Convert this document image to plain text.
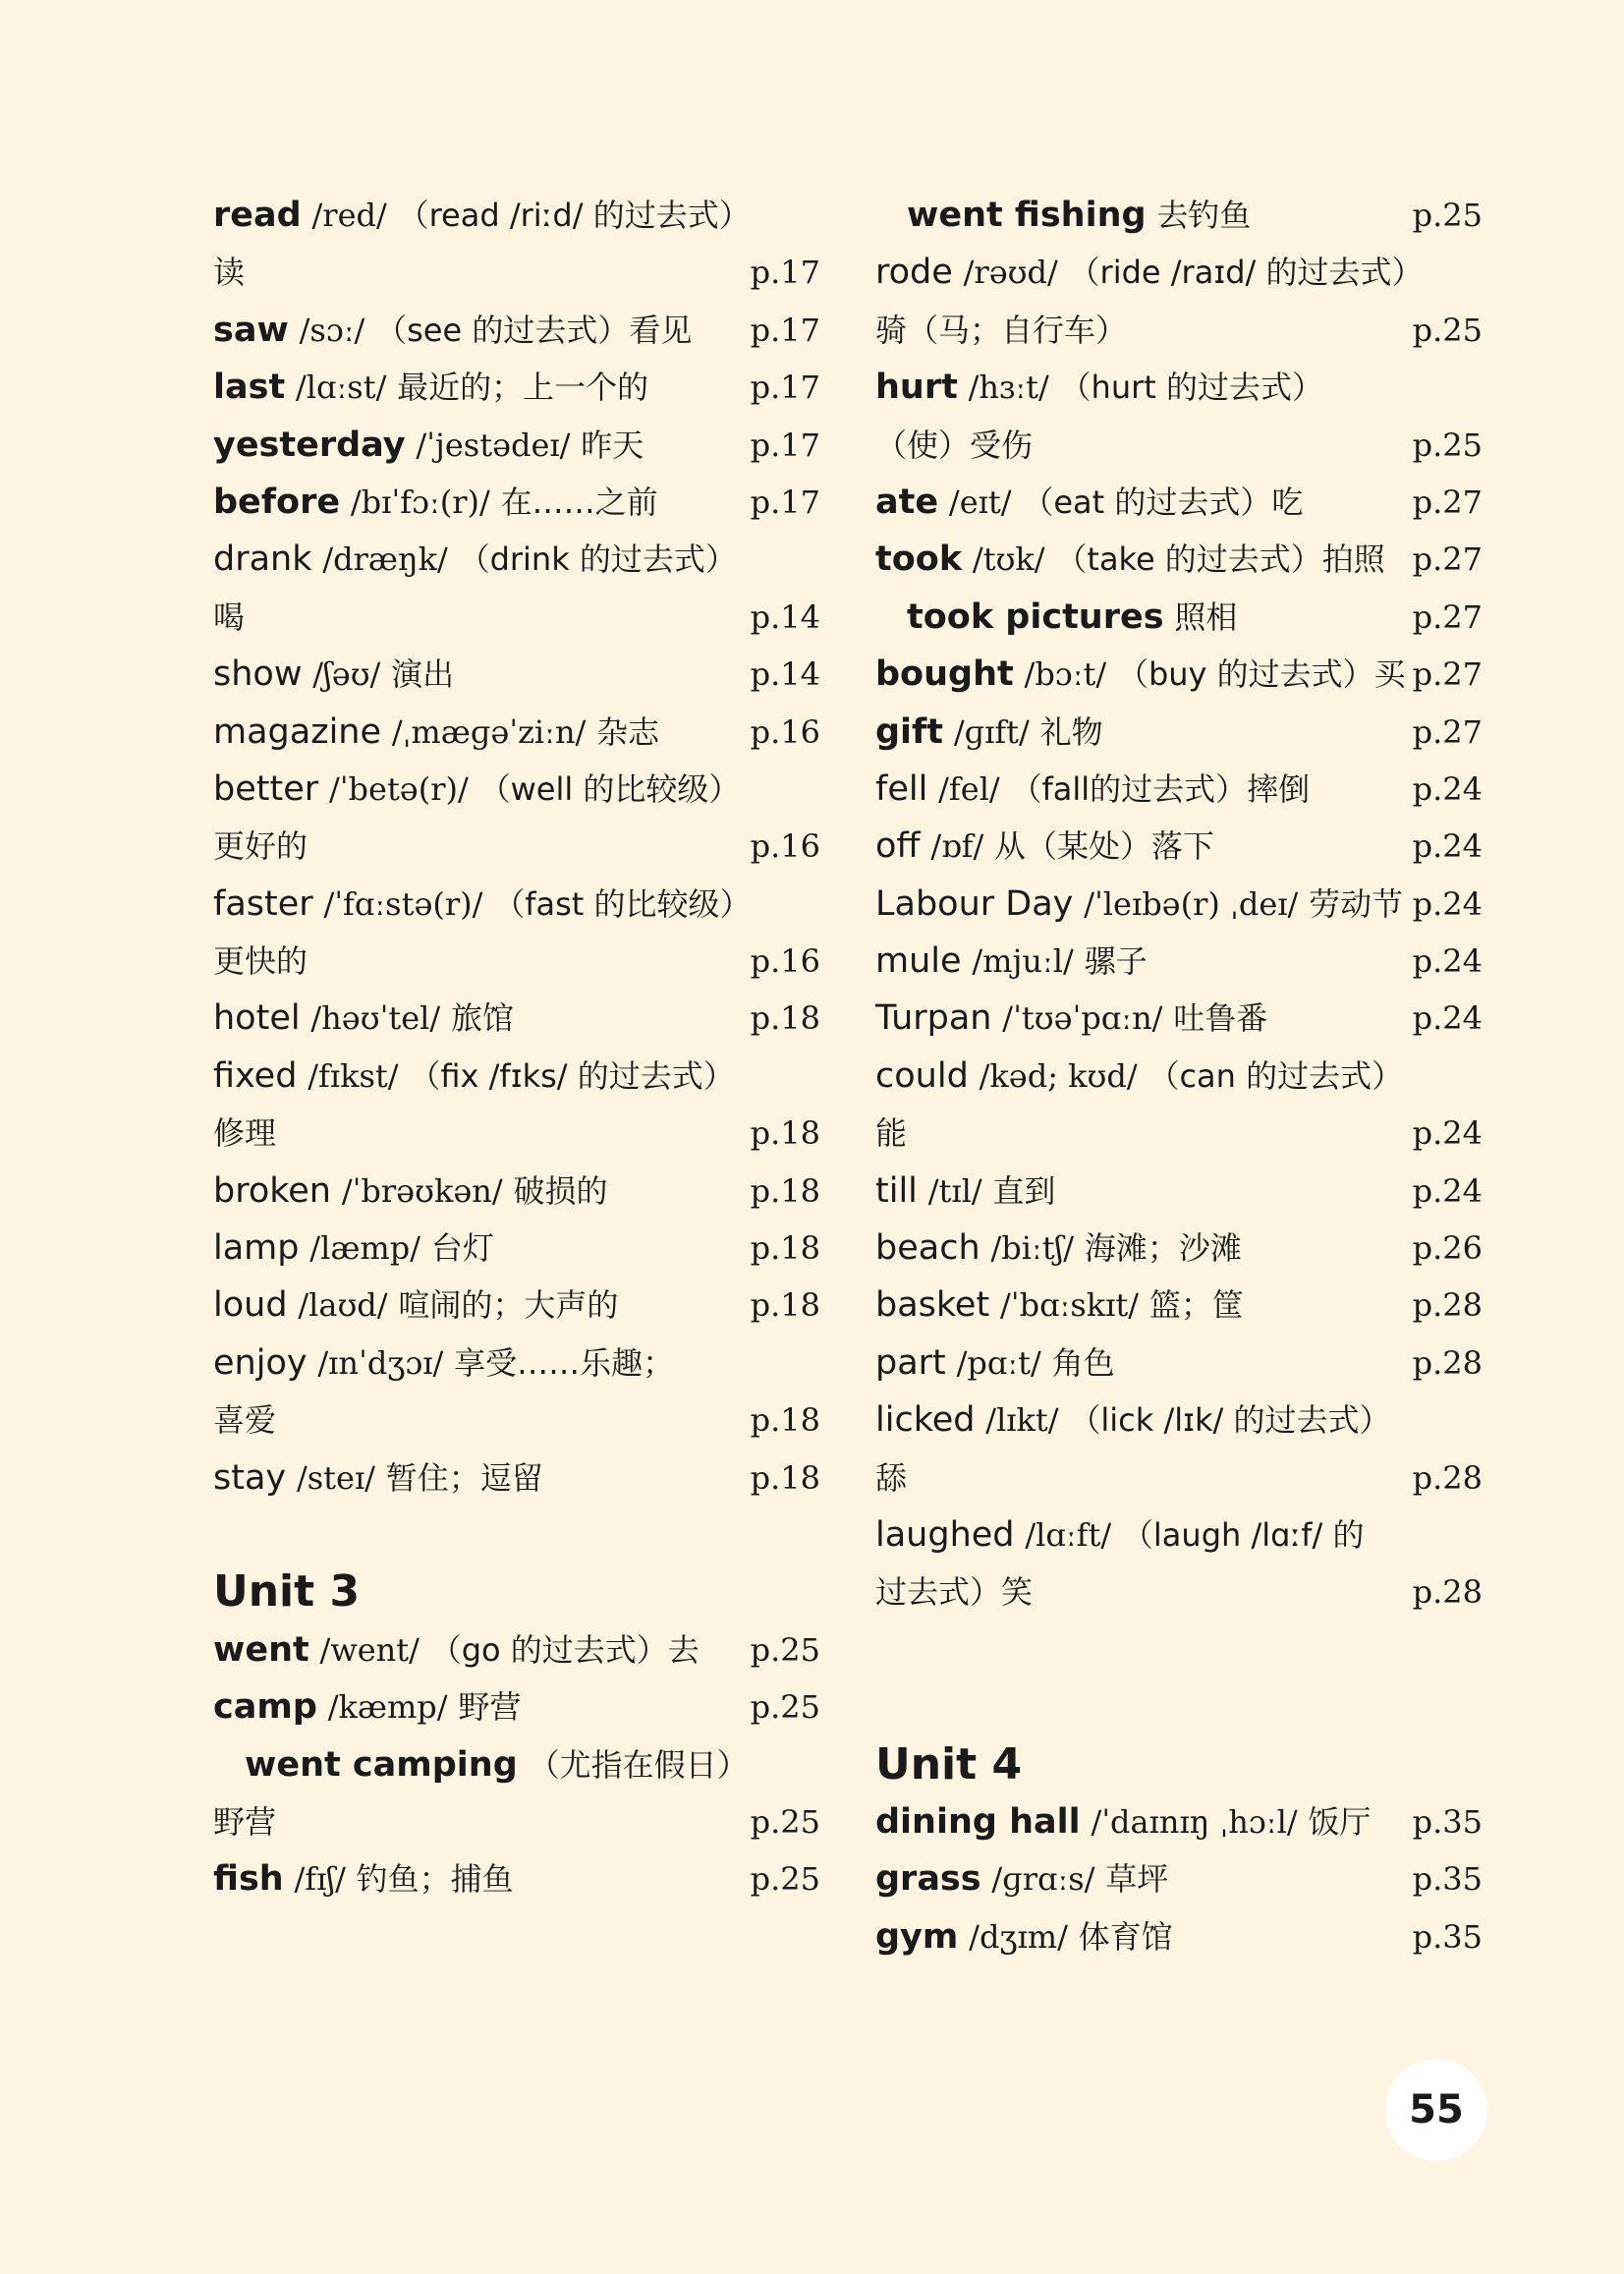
read /red/ （read /riːd/ 的过去式）
读	p.17
saw /sɔː/ （see 的过去式）看见 p.17
last /lɑːst/ 最近的；上一个的	p.17
yesterday /ˈjestədeɪ/ 昨天	p.17
before /bɪˈfɔː(r)/ 在……之前	p.17
drank /dræŋk/ （drink 的过去式）
喝	p.14
show /ʃəʊ/ 演出	p.14
magazine /ˌmæɡəˈziːn/ 杂志	p.16
better /ˈbetə(r)/ （well 的比较级）
更好的	p.16
faster /ˈfɑːstə(r)/ （fast 的比较级）
更快的	p.16
hotel /həʊˈtel/ 旅馆	p.18
fixed /fɪkst/ （fix /fɪks/ 的过去式）
修理	p.18
broken /ˈbrəʊkən/ 破损的	p.18
lamp /læmp/ 台灯	p.18
loud /laʊd/ 喧闹的；大声的	p.18
enjoy /ɪnˈdʒɔɪ/ 享受……乐趣；
喜爱	p.18
stay /steɪ/ 暂住；逗留	p.18
Unit 3
went /went/ （go 的过去式）去 p.25
camp /kæmp/ 野营	p.25
went camping （尤指在假日）
野营	p.25
fish /fɪʃ/ 钓鱼；捕鱼	p.25
went fishing 去钓鱼	p.25
rode /rəʊd/ （ride /raɪd/ 的过去式）
骑（马；自行车）	p.25
hurt /hɜːt/ （hurt 的过去式）
（使）受伤	p.25
ate /eɪt/ （eat 的过去式）吃	p.27
took /tʊk/ （take 的过去式）拍照 p.27
took pictures 照相	p.27
bought /bɔːt/ （buy 的过去式）买 p.27
gift /ɡɪft/ 礼物	p.27
fell /fel/ （fall的过去式）摔倒	p.24
off /ɒf/ 从（某处）落下	p.24
Labour Day /ˈleɪbə(r) ˌdeɪ/ 劳动节 p.24
mule /mjuːl/ 骡子	p.24
Turpan /ˈtʊəˈpɑːn/ 吐鲁番	p.24
could /kəd; kʊd/ （can 的过去式）
能	p.24
till /tɪl/ 直到	p.24
beach /biːtʃ/ 海滩；沙滩	p.26
basket /ˈbɑːskɪt/ 篮；筐	p.28
part /pɑːt/ 角色	p.28
licked /lɪkt/ （lick /lɪk/ 的过去式）
舔	p.28
laughed /lɑːft/ （laugh /lɑːf/ 的
过去式）笑	p.28
Unit 4
dining hall /ˈdaɪnɪŋ ˌhɔːl/ 饭厅 p.35
grass /ɡrɑːs/ 草坪	p.35
gym /dʒɪm/ 体育馆	p.35
55
